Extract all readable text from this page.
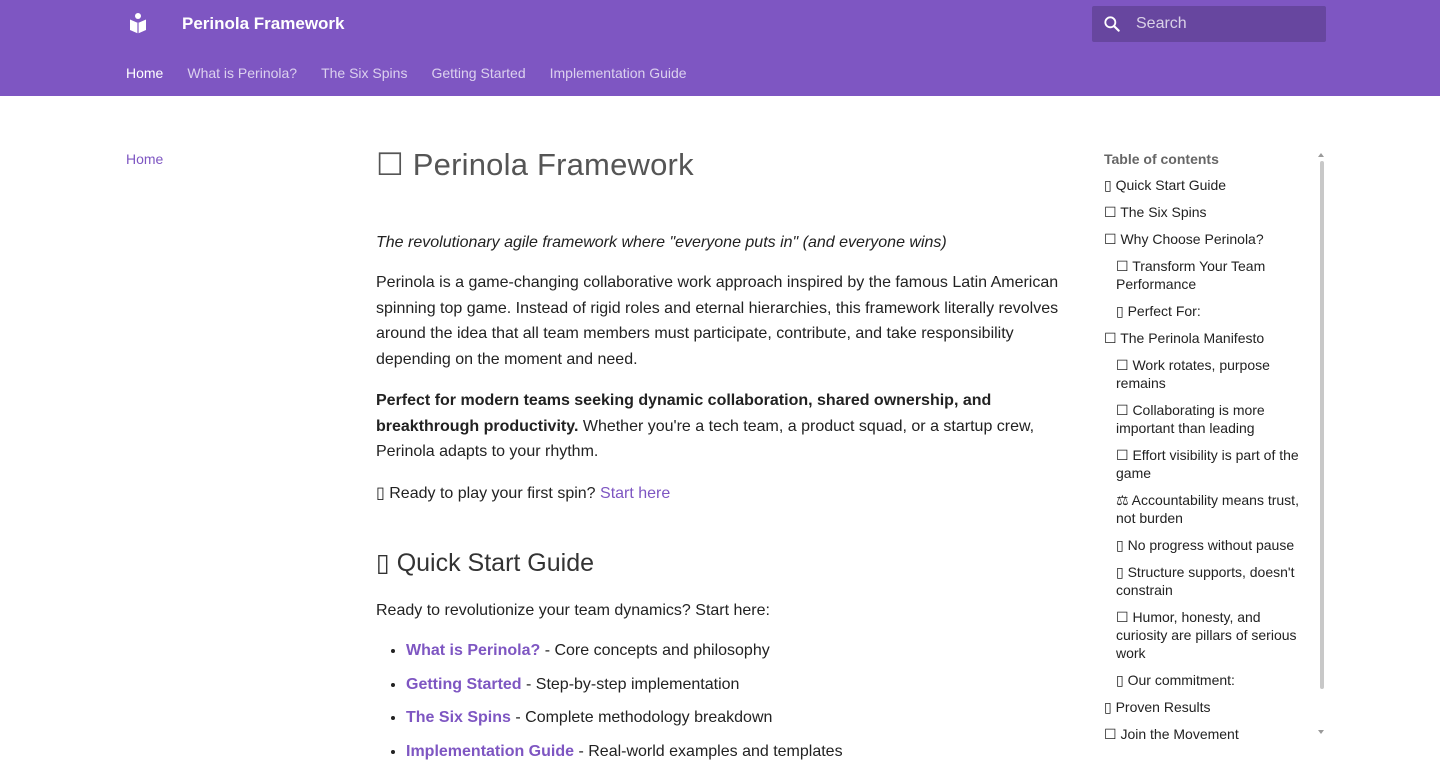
Perinola Framework
Search
Home What is Perinola? The Six Spins Getting Started Implementation Guide
Home	☐ Perinola Framework

The revolutionary agile framework where "everyone puts in" (and everyone wins)

Perinola is a game-changing collaborative work approach inspired by the famous Latin American spinning top game. Instead of rigid roles and eternal hierarchies, this framework literally revolves around the idea that all team members must participate, contribute, and take responsibility depending on the moment and need.

Perfect for modern teams seeking dynamic collaboration, shared ownership, and breakthrough productivity. Whether you're a tech team, a product squad, or a startup crew, Perinola adapts to your rhythm.

▯ Ready to play your first spin? Start here

▯ Quick Start Guide

Ready to revolutionize your team dynamics? Start here:

• What is Perinola? - Core concepts and philosophy
• Getting Started - Step-by-step implementation
• The Six Spins - Complete methodology breakdown
• Implementation Guide - Real-world examples and templates
Table of contents
▯ Quick Start Guide
☐ The Six Spins
☐ Why Choose Perinola?
☐ Transform Your Team Performance
▯ Perfect For:
☐ The Perinola Manifesto
☐ Work rotates, purpose remains
☐ Collaborating is more important than leading
☐ Effort visibility is part of the game
⚖ Accountability means trust, not burden
▯ No progress without pause
▯ Structure supports, doesn't constrain
☐ Humor, honesty, and curiosity are pillars of serious work
▯ Our commitment:
▯ Proven Results
☐ Join the Movement
